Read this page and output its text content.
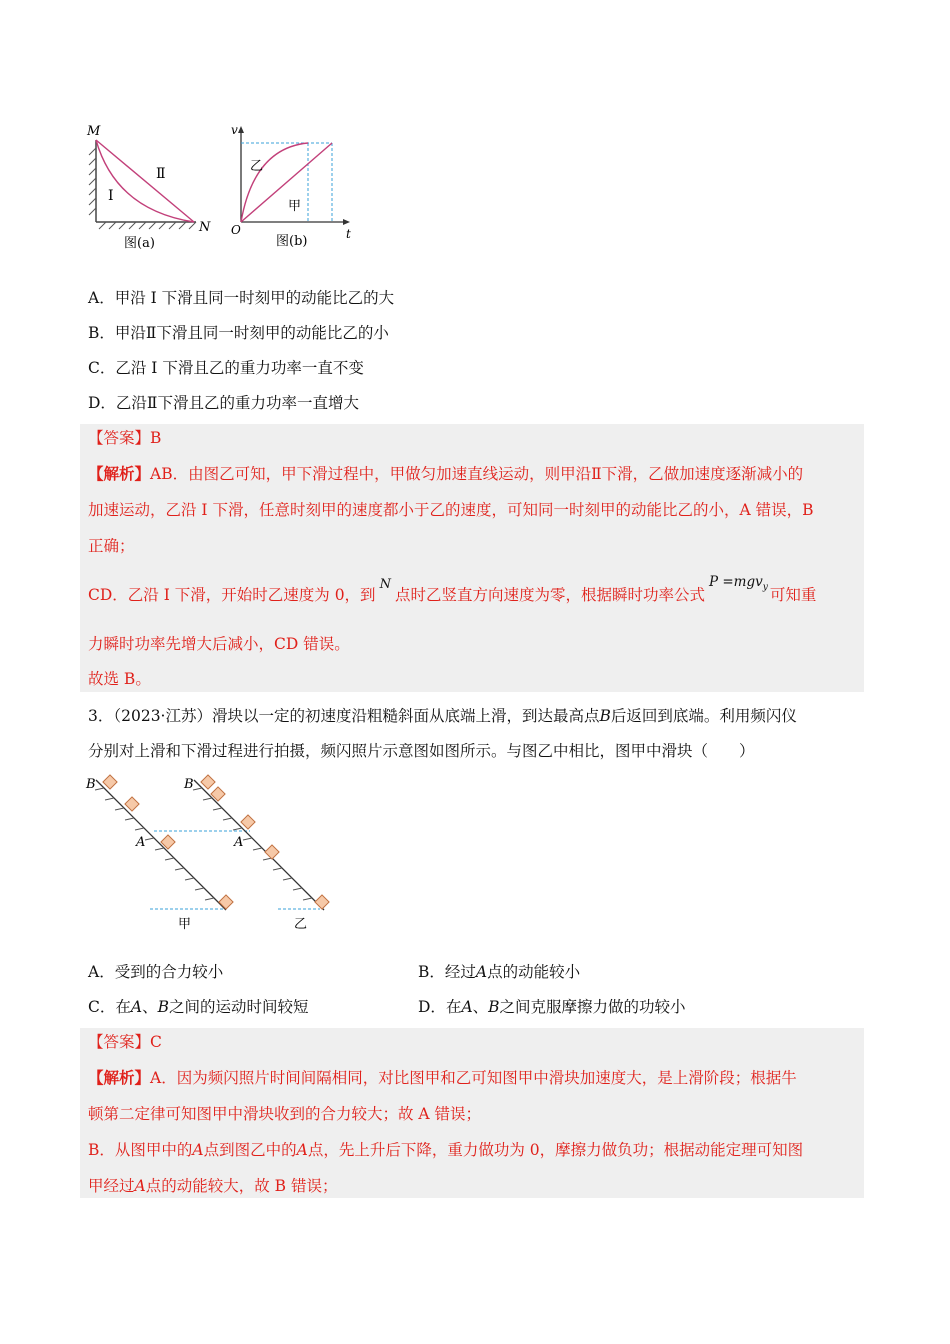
M
N
I
Ⅱ
图(a)
v
t
O
乙
甲
图(b)
A．甲沿 I 下滑且同一时刻甲的动能比乙的大
B．甲沿Ⅱ下滑且同一时刻甲的动能比乙的小
C．乙沿 I 下滑且乙的重力功率一直不变
D．乙沿Ⅱ下滑且乙的重力功率一直增大
【答案】B
【解析】AB．由图乙可知，甲下滑过程中，甲做匀加速直线运动，则甲沿Ⅱ下滑，乙做加速度逐渐减小的
加速运动，乙沿 I 下滑，任意时刻甲的速度都小于乙的速度，可知同一时刻甲的动能比乙的小，A 错误，B
正确；
CD．乙沿 I 下滑，开始时乙速度为 0，到$^N$点时乙竖直方向速度为零，根据瞬时功率公式P =mgv$_y$ 可知重
力瞬时功率先增大后减小，CD 错误。
故选 B。
3．（2023·江苏）滑块以一定的初速度沿粗糙斜面从底端上滑，到达最高点B后返回到底端。利用频闪仪
分别对上滑和下滑过程进行拍摄，频闪照片示意图如图所示。与图乙中相比，图甲中滑块（　　）
B
A
甲
B
A
乙
A．受到的合力较小	B．经过A点的动能较小
C．在A、B之间的运动时间较短	D．在A、B之间克服摩擦力做的功较小
【答案】C
【解析】A．因为频闪照片时间间隔相同，对比图甲和乙可知图甲中滑块加速度大，是上滑阶段；根据牛
顿第二定律可知图甲中滑块收到的合力较大；故 A 错误；
B．从图甲中的A点到图乙中的A点，先上升后下降，重力做功为 0，摩擦力做负功；根据动能定理可知图
甲经过A点的动能较大，故 B 错误；
